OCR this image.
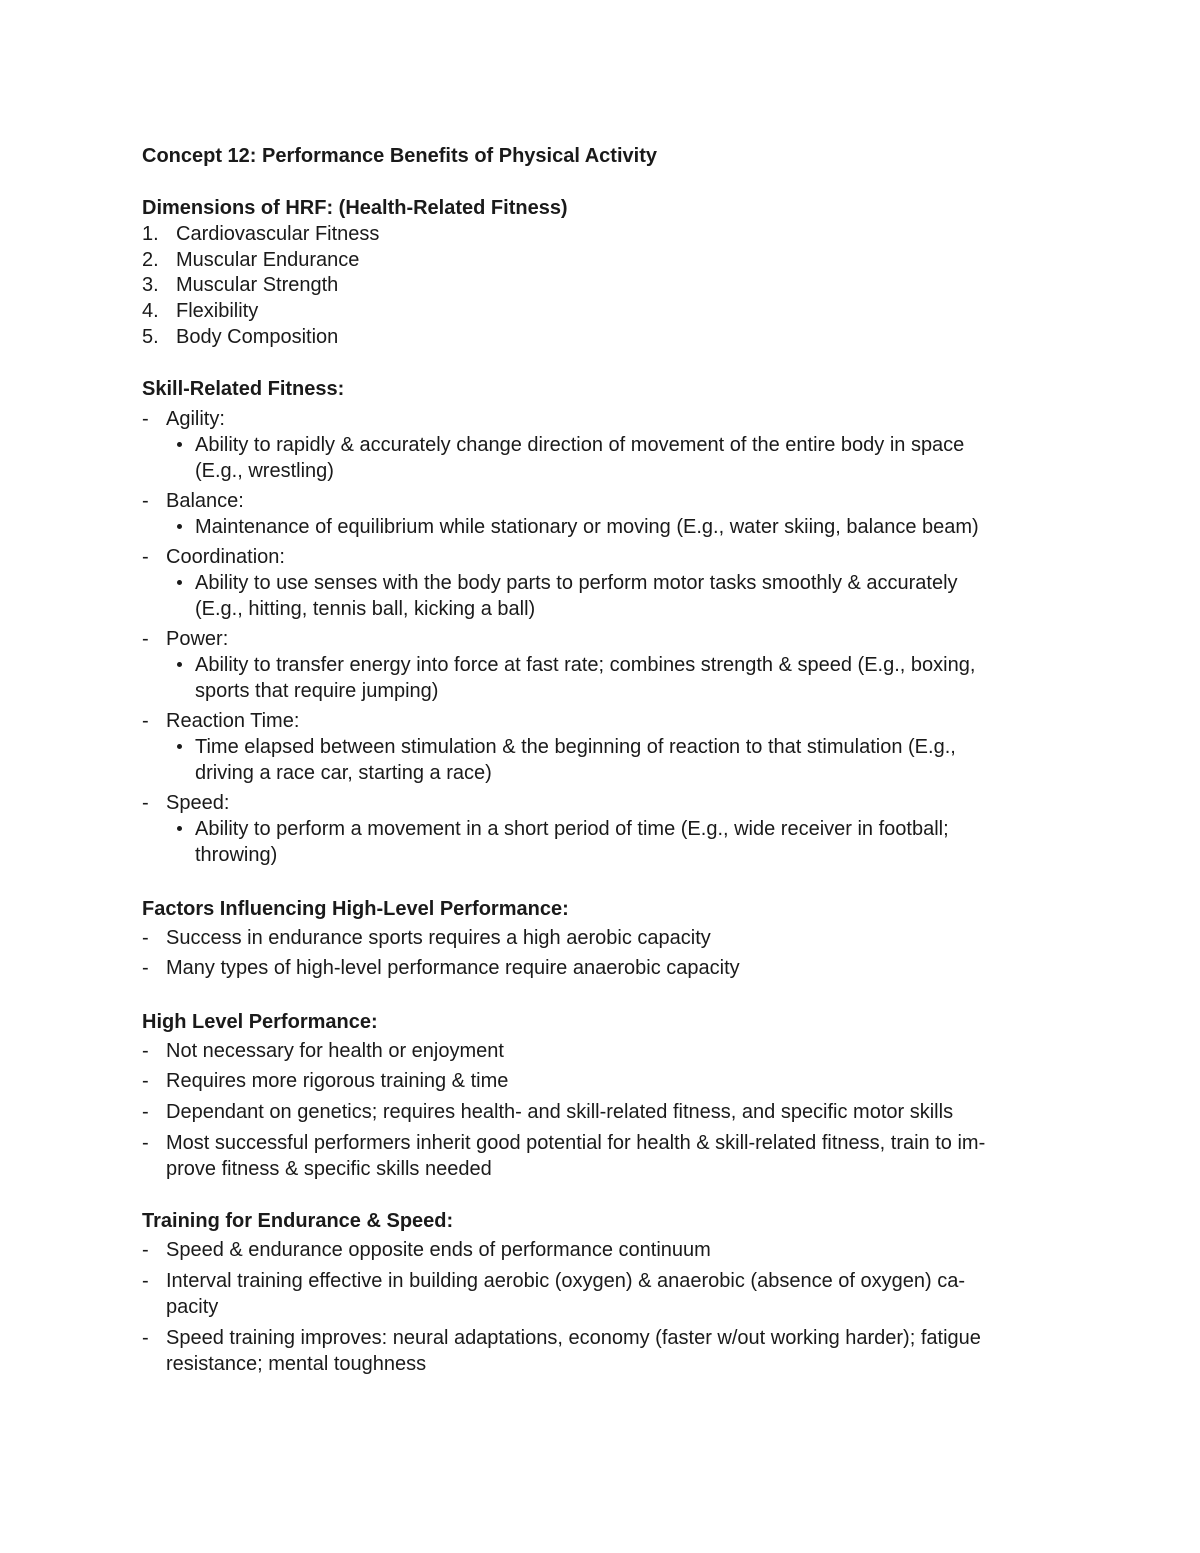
Concept 12: Performance Benefits of Physical Activity
Dimensions of HRF: (Health-Related Fitness)
1. Cardiovascular Fitness
2. Muscular Endurance
3. Muscular Strength
4. Flexibility
5. Body Composition
Skill-Related Fitness:
- Agility:
Ability to rapidly & accurately change direction of movement of the entire body in space
(E.g., wrestling)
- Balance:
Maintenance of equilibrium while stationary or moving (E.g., water skiing, balance beam)
- Coordination:
Ability to use senses with the body parts to perform motor tasks smoothly & accurately
(E.g., hitting, tennis ball, kicking a ball)
- Power:
Ability to transfer energy into force at fast rate; combines strength & speed (E.g., boxing,
sports that require jumping)
- Reaction Time:
Time elapsed between stimulation & the beginning of reaction to that stimulation (E.g.,
driving a race car, starting a race)
- Speed:
Ability to perform a movement in a short period of time (E.g., wide receiver in football;
throwing)
Factors Influencing High-Level Performance:
- Success in endurance sports requires a high aerobic capacity
- Many types of high-level performance require anaerobic capacity
High Level Performance:
- Not necessary for health or enjoyment
- Requires more rigorous training & time
- Dependant on genetics; requires health- and skill-related fitness, and specific motor skills
- Most successful performers inherit good potential for health & skill-related fitness, train to im-
prove fitness & specific skills needed
Training for Endurance & Speed:
- Speed & endurance opposite ends of performance continuum
- Interval training effective in building aerobic (oxygen) & anaerobic (absence of oxygen) ca-
pacity
- Speed training improves: neural adaptations, economy (faster w/out working harder); fatigue
resistance; mental toughness
